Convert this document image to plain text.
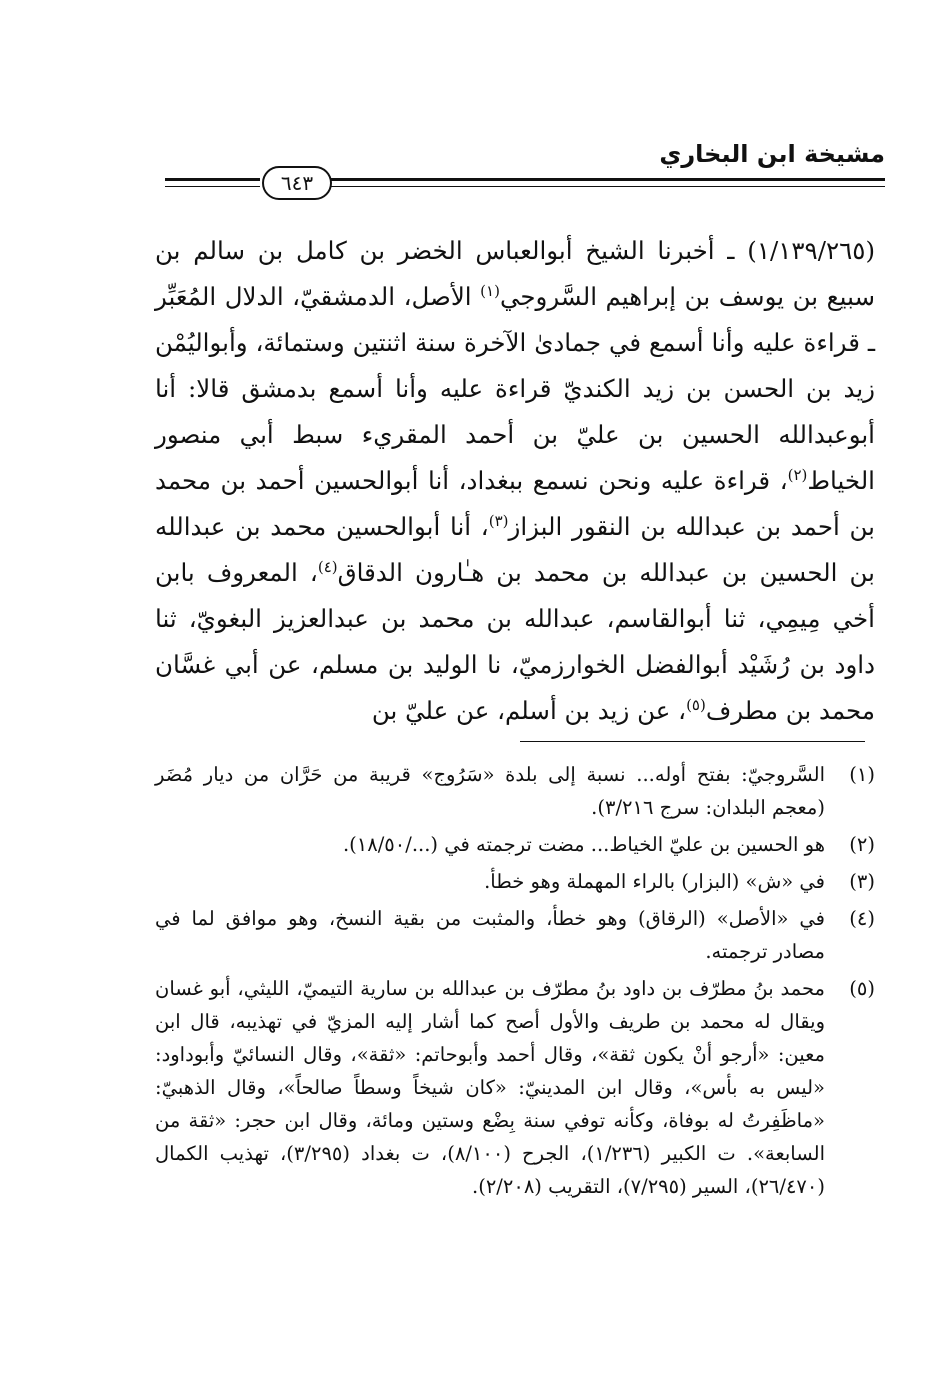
مشيخة ابن البخاري
٦٤٣

(١/١٣٩/٢٦٥) ـ أخبرنا الشيخ أبوالعباس الخضر بن كامل بن سالم بن سبيع بن يوسف بن إبراهيم السَّروجي$^{(١)}$ الأصل، الدمشقيّ، الدلال المُعَبِّر ـ قراءة عليه وأنا أسمع في جمادىٰ الآخرة سنة اثنتين وستمائة، وأبواليُمْن زيد بن الحسن بن زيد الكنديّ قراءة عليه وأنا أسمع بدمشق قالا: أنا أبوعبدالله الحسين بن عليّ بن أحمد المقريء سبط أبي منصور الخياط$^{(٢)}$، قراءة عليه ونحن نسمع ببغداد، أنا أبوالحسين أحمد بن محمد بن أحمد بن عبدالله بن النقور البزاز$^{(٣)}$، أنا أبوالحسين محمد بن عبدالله بن الحسين بن عبدالله بن محمد بن هـٰارون الدقاق$^{(٤)}$، المعروف بابن أخي مِيمِي، ثنا أبوالقاسم، عبدالله بن محمد بن عبدالعزيز البغويّ، ثنا داود بن رُشَيْد أبوالفضل الخوارزميّ، نا الوليد بن مسلم، عن أبي غسَّان محمد بن مطرف$^{(٥)}$، عن زيد بن أسلم، عن عليّ بن

(١)
السَّروجيّ: بفتح أوله... نسبة إلى بلدة «سَرُوج» قريبة من حَرَّان من ديار مُضَر (معجم البلدان: سرج ٣/٢١٦).
(٢)
هو الحسين بن عليّ الخياط... مضت ترجمته في (.../١٨/٥٠).
(٣)
في «ش» (البزار) بالراء المهملة وهو خطأ.
(٤)
في «الأصل» (الرقاق) وهو خطأ، والمثبت من بقية النسخ، وهو موافق لما في مصادر ترجمته.
(٥)
محمد بنُ مطرّف بن داود بنُ مطرّف بن عبدالله بن سارية التيميّ، الليثي، أبو غسان ويقال له محمد بن طريف والأول أصح كما أشار إليه المزيّ في تهذيبه، قال ابن معين: «أرجو أنْ يكون ثقة»، وقال أحمد وأبوحاتم: «ثقة»، وقال النسائيّ وأبوداود: «ليس به بأس»، وقال ابن المدينيّ: «كان شيخاً وسطاً صالحاً»، وقال الذهبيّ: «ماظَفِرتُ له بوفاة، وكأنه توفي سنة بِضْع وستين ومائة، وقال ابن حجر: «ثقة من السابعة». ت الكبير (١/٢٣٦)، الجرح (٨/١٠٠)، ت بغداد (٣/٢٩٥)، تهذيب الكمال (٢٦/٤٧٠)، السير (٧/٢٩٥)، التقريب (٢/٢٠٨).
